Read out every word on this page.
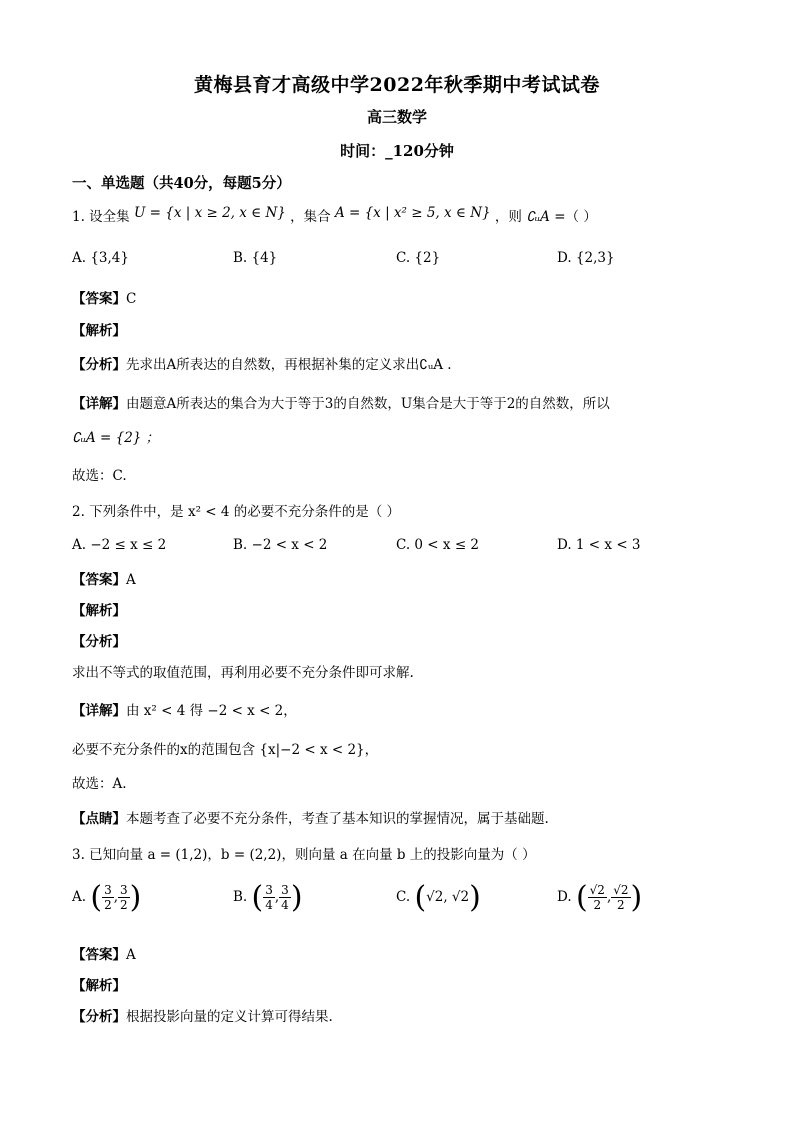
黄梅县育才高级中学2022年秋季期中考试试卷
高三数学
时间：_120分钟
一、单选题（共40分，每题5分）
1. 设全集 U = {x | x ≥ 2, x ∈ N} ，集合 A = {x | x² ≥ 5, x ∈ N} ，则 ∁ᵤA =（ ）
A. {3,4}	B. {4}	C. {2}	D. {2,3}
【答案】C
【解析】
【分析】先求出A所表达的自然数，再根据补集的定义求出∁ᵤA .
【详解】由题意A所表达的集合为大于等于3的自然数，U集合是大于等于2的自然数，所以
∁ᵤA = {2} ；
故选：C.
2. 下列条件中，是 x² < 4 的必要不充分条件的是（ ）
A. −2 ≤ x ≤ 2	B. −2 < x < 2	C. 0 < x ≤ 2	D. 1 < x < 3
【答案】A
【解析】
【分析】
求出不等式的取值范围，再利用必要不充分条件即可求解.
【详解】由 x² < 4 得 −2 < x < 2，
必要不充分条件的x的范围包含 {x|−2 < x < 2}，
故选：A.
【点睛】本题考查了必要不充分条件，考查了基本知识的掌握情况，属于基础题.
3. 已知向量 a = (1,2)，b = (2,2)，则向量 a 在向量 b 上的投影向量为（ ）
A. ( $\frac{3}{2}$ , $\frac{3}{2}$ )	B. ( $\frac{3}{4}$ , $\frac{3}{4}$ )	C. (√2, √2)	D. ( $\frac{√2}{2}$ , $\frac{√2}{2}$ )
【答案】A
【解析】
【分析】根据投影向量的定义计算可得结果.
